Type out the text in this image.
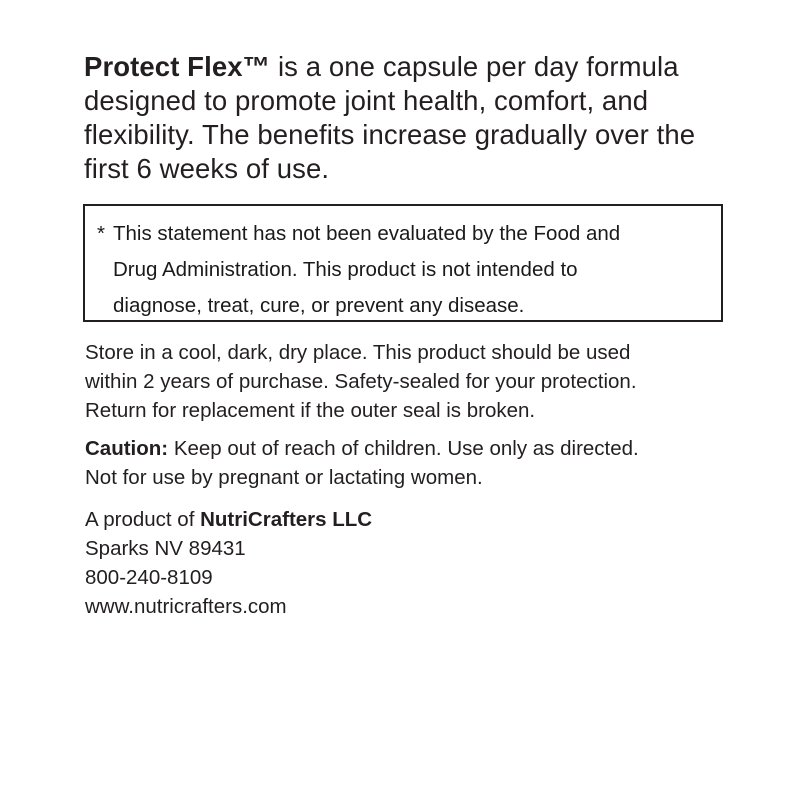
Protect Flex™ is a one capsule per day formula
designed to promote joint health, comfort, and
flexibility. The benefits increase gradually over the
first 6 weeks of use.
* This statement has not been evaluated by the Food and
Drug Administration. This product is not intended to
diagnose, treat, cure, or prevent any disease.
Store in a cool, dark, dry place. This product should be used
within 2 years of purchase. Safety-sealed for your protection.
Return for replacement if the outer seal is broken.
Caution: Keep out of reach of children. Use only as directed.
Not for use by pregnant or lactating women.
A product of NutriCrafters LLC
Sparks NV 89431
800-240-8109
www.nutricrafters.com
